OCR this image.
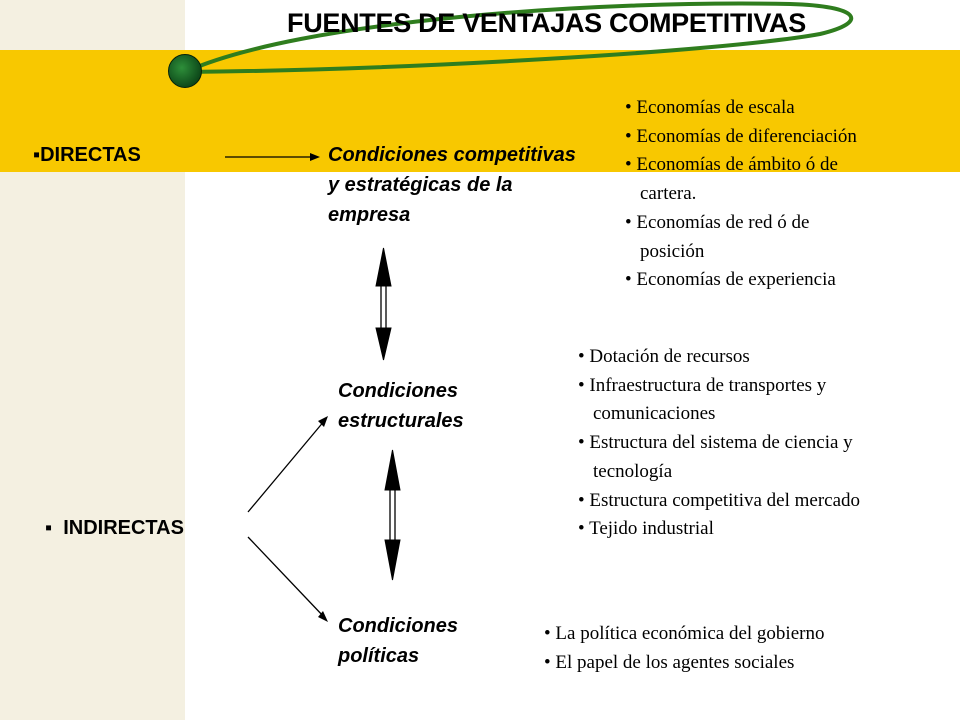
FUENTES DE VENTAJAS COMPETITIVAS
▪DIRECTAS
▪  INDIRECTAS
Condiciones competitivas
y estratégicas de la
empresa
Condiciones
estructurales
Condiciones
políticas
• Economías de escala
• Economías de diferenciación
• Economías de ámbito ó de cartera.
• Economías de red ó de posición
• Economías de experiencia
• Dotación de recursos
• Infraestructura de transportes y comunicaciones
• Estructura del sistema de ciencia y tecnología
• Estructura competitiva del mercado
• Tejido industrial
• La política económica del gobierno
• El papel de los agentes sociales
